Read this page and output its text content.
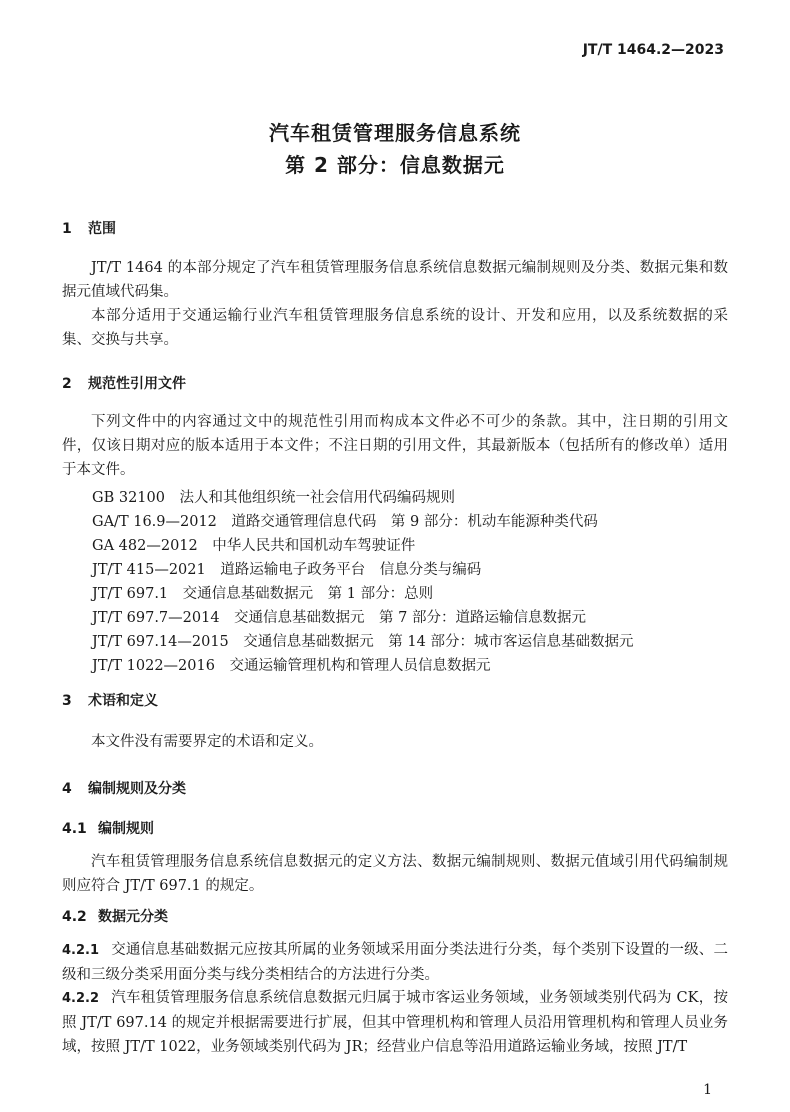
JT/T 1464.2—2023
汽车租赁管理服务信息系统
第 2 部分：信息数据元
1 范围
JT/T 1464 的本部分规定了汽车租赁管理服务信息系统信息数据元编制规则及分类、数据元集和数据元值域代码集。
本部分适用于交通运输行业汽车租赁管理服务信息系统的设计、开发和应用，以及系统数据的采集、交换与共享。
2 规范性引用文件
下列文件中的内容通过文中的规范性引用而构成本文件必不可少的条款。其中，注日期的引用文件，仅该日期对应的版本适用于本文件；不注日期的引用文件，其最新版本（包括所有的修改单）适用于本文件。
GB 32100　法人和其他组织统一社会信用代码编码规则
GA/T 16.9—2012　道路交通管理信息代码　第 9 部分：机动车能源种类代码
GA 482—2012　中华人民共和国机动车驾驶证件
JT/T 415—2021　道路运输电子政务平台　信息分类与编码
JT/T 697.1　交通信息基础数据元　第 1 部分：总则
JT/T 697.7—2014　交通信息基础数据元　第 7 部分：道路运输信息数据元
JT/T 697.14—2015　交通信息基础数据元　第 14 部分：城市客运信息基础数据元
JT/T 1022—2016　交通运输管理机构和管理人员信息数据元
3 术语和定义
本文件没有需要界定的术语和定义。
4 编制规则及分类
4.1 编制规则
汽车租赁管理服务信息系统信息数据元的定义方法、数据元编制规则、数据元值域引用代码编制规则应符合 JT/T 697.1 的规定。
4.2 数据元分类
4.2.1 交通信息基础数据元应按其所属的业务领域采用面分类法进行分类，每个类别下设置的一级、二级和三级分类采用面分类与线分类相结合的方法进行分类。
4.2.2 汽车租赁管理服务信息系统信息数据元归属于城市客运业务领域，业务领域类别代码为 CK，按照 JT/T 697.14 的规定并根据需要进行扩展，但其中管理机构和管理人员沿用管理机构和管理人员业务域，按照 JT/T 1022，业务领域类别代码为 JR；经营业户信息等沿用道路运输业务域，按照 JT/T
1
